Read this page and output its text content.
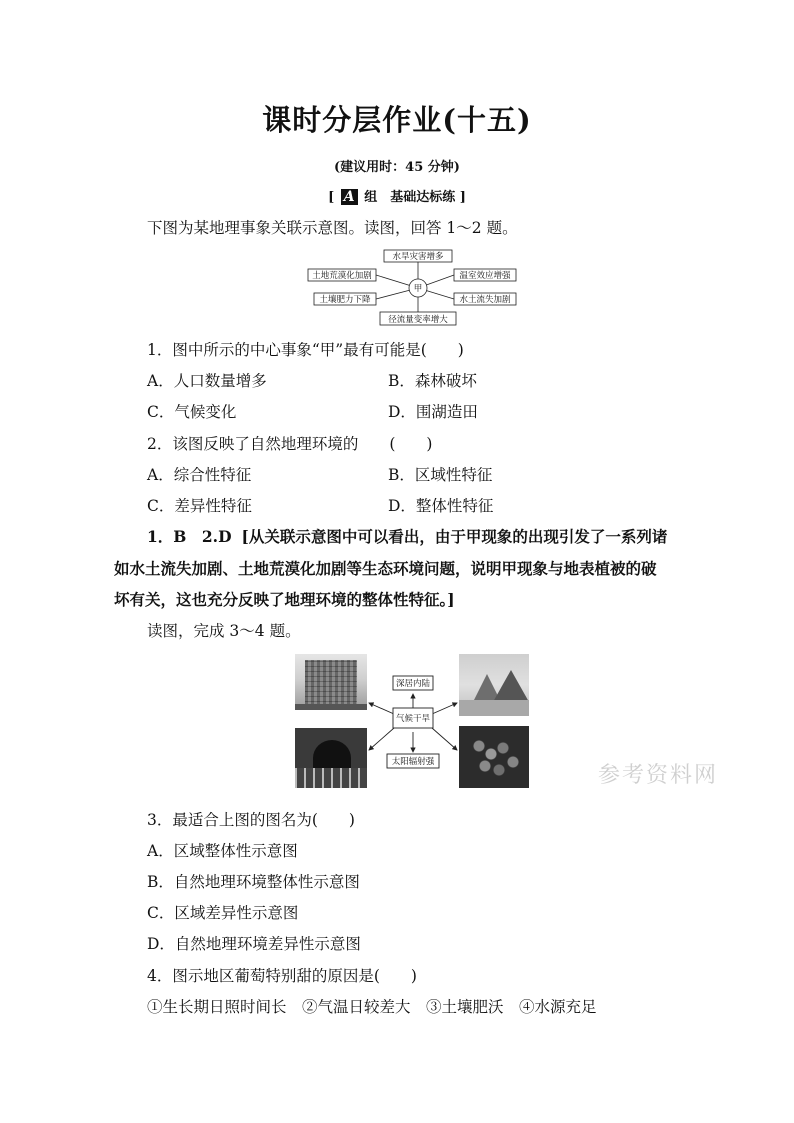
课时分层作业(十五)
(建议用时：45 分钟)
[ A 组　基础达标练 ]
下图为某地理事象关联示意图。读图，回答 1～2 题。
甲
水旱灾害增多
径流量变率增大
土地荒漠化加剧
土壤肥力下降
温室效应增强
水土流失加剧
1．图中所示的中心事象“甲”最有可能是(　　)
A．人口数量增多	B．森林破坏
C．气候变化	D．围湖造田
2．该图反映了自然地理环境的　　(　　)
A．综合性特征	B．区域性特征
C．差异性特征	D．整体性特征
1．B　2.D [从关联示意图中可以看出，由于甲现象的出现引发了一系列诸
如水土流失加剧、土地荒漠化加剧等生态环境问题，说明甲现象与地表植被的破
坏有关，这也充分反映了地理环境的整体性特征。]
读图，完成 3～4 题。
深居内陆
气候干旱
太阳辐射强
参考资料网
3．最适合上图的图名为(　　)
A．区域整体性示意图
B．自然地理环境整体性示意图
C．区域差异性示意图
D．自然地理环境差异性示意图
4．图示地区葡萄特别甜的原因是(　　)
①生长期日照时间长　②气温日较差大　③土壤肥沃　④水源充足
